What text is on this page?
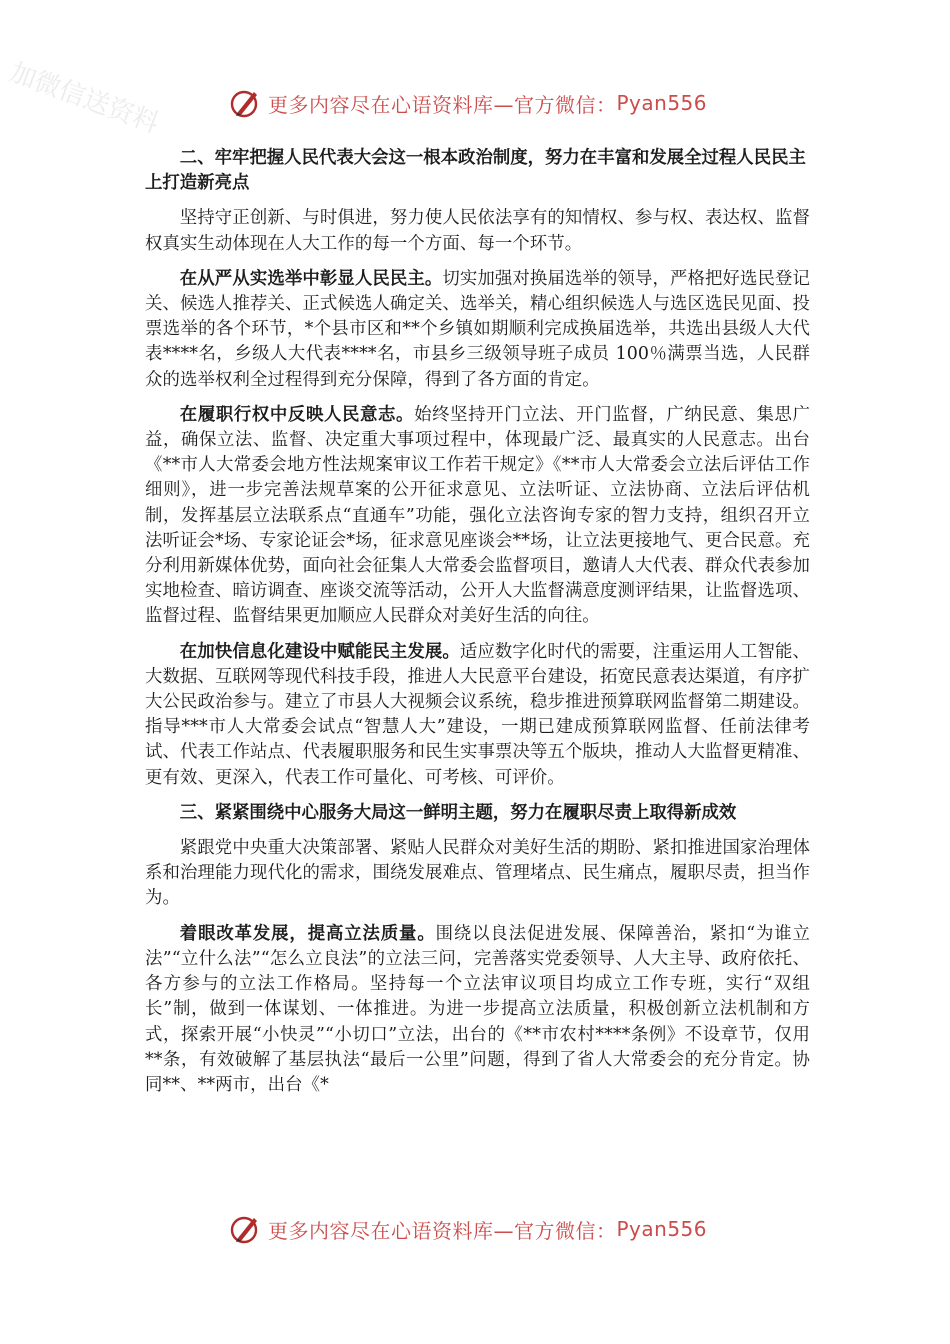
加微信送资料	更多内容尽在心语资料库—官方微信： Pyan556

二、牢牢把握人民代表大会这一根本政治制度，努力在丰富和发展全过程人民民主上打造新亮点

坚持守正创新、与时俱进，努力使人民依法享有的知情权、参与权、表达权、监督权真实生动体现在人大工作的每一个方面、每一个环节。

在从严从实选举中彰显人民民主。切实加强对换届选举的领导，严格把好选民登记关、候选人推荐关、正式候选人确定关、选举关，精心组织候选人与选区选民见面、投票选举的各个环节，*个县市区和**个乡镇如期顺利完成换届选举，共选出县级人大代表****名，乡级人大代表****名，市县乡三级领导班子成员 100％满票当选，人民群众的选举权利全过程得到充分保障，得到了各方面的肯定。

在履职行权中反映人民意志。始终坚持开门立法、开门监督，广纳民意、集思广益，确保立法、监督、决定重大事项过程中，体现最广泛、最真实的人民意志。出台《**市人大常委会地方性法规案审议工作若干规定》《**市人大常委会立法后评估工作细则》，进一步完善法规草案的公开征求意见、立法听证、立法协商、立法后评估机制，发挥基层立法联系点“直通车”功能，强化立法咨询专家的智力支持，组织召开立法听证会*场、专家论证会*场，征求意见座谈会**场，让立法更接地气、更合民意。充分利用新媒体优势，面向社会征集人大常委会监督项目，邀请人大代表、群众代表参加实地检查、暗访调查、座谈交流等活动，公开人大监督满意度测评结果，让监督选项、监督过程、监督结果更加顺应人民群众对美好生活的向往。

在加快信息化建设中赋能民主发展。适应数字化时代的需要，注重运用人工智能、大数据、互联网等现代科技手段，推进人大民意平台建设，拓宽民意表达渠道，有序扩大公民政治参与。建立了市县人大视频会议系统，稳步推进预算联网监督第二期建设。指导***市人大常委会试点“智慧人大”建设，一期已建成预算联网监督、任前法律考试、代表工作站点、代表履职服务和民生实事票决等五个版块，推动人大监督更精准、更有效、更深入，代表工作可量化、可考核、可评价。

三、紧紧围绕中心服务大局这一鲜明主题，努力在履职尽责上取得新成效

紧跟党中央重大决策部署、紧贴人民群众对美好生活的期盼、紧扣推进国家治理体系和治理能力现代化的需求，围绕发展难点、管理堵点、民生痛点，履职尽责，担当作为。

着眼改革发展，提高立法质量。围绕以良法促进发展、保障善治，紧扣“为谁立法”“立什么法”“怎么立良法”的立法三问，完善落实党委领导、人大主导、政府依托、各方参与的立法工作格局。坚持每一个立法审议项目均成立工作专班，实行“双组长”制，做到一体谋划、一体推进。为进一步提高立法质量，积极创新立法机制和方式，探索开展“小快灵”“小切口”立法，出台的《**市农村****条例》不设章节，仅用**条，有效破解了基层执法“最后一公里”问题，得到了省人大常委会的充分肯定。协同**、**两市，出台《*

更多内容尽在心语资料库—官方微信： Pyan556
